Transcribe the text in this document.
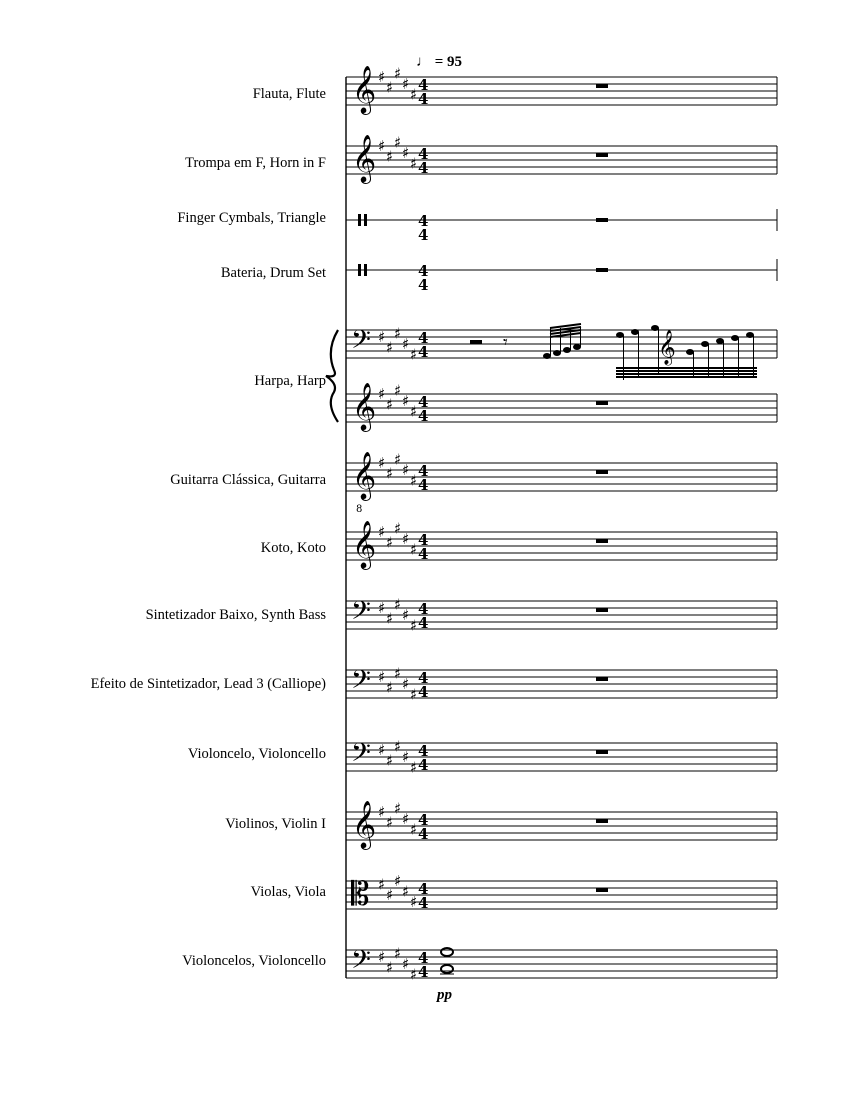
𝄞 ♯
♯
♯
♯
♯
4
4
𝄞 ♯
♯
♯
♯
♯
4
4
4
4
4
4
𝄢
𝄞
♯
♯
♯
♯
♯
♯
♯
♯
♯
♯
4
4
4
4
𝄾	𝄞
𝄞
8
♯
♯
♯
♯
♯
4
4
𝄞 ♯
♯
♯
♯
♯
4
4
𝄢 ♯
♯
♯
♯
♯
4
4
𝄢 ♯
♯
♯
♯
♯
4
4
𝄢 ♯
♯
♯
♯
♯
4
4
𝄞 ♯
♯
♯
♯
♯
4
4
𝄡 ♯
♯
♯
♯
♯
4
4
𝄢 ♯
♯
♯
♯
♯
4
4
♩ = 95
Flauta, Flute
Trompa em F, Horn in F
Finger Cymbals, Triangle
Bateria, Drum Set
Harpa, Harp
Guitarra Clássica, Guitarra
Koto, Koto
Sintetizador Baixo, Synth Bass
Efeito de Sintetizador, Lead 3 (Calliope)
Violoncelo, Violoncello
Violinos, Violin I
Violas, Viola
Violoncelos, Violoncello
pp
